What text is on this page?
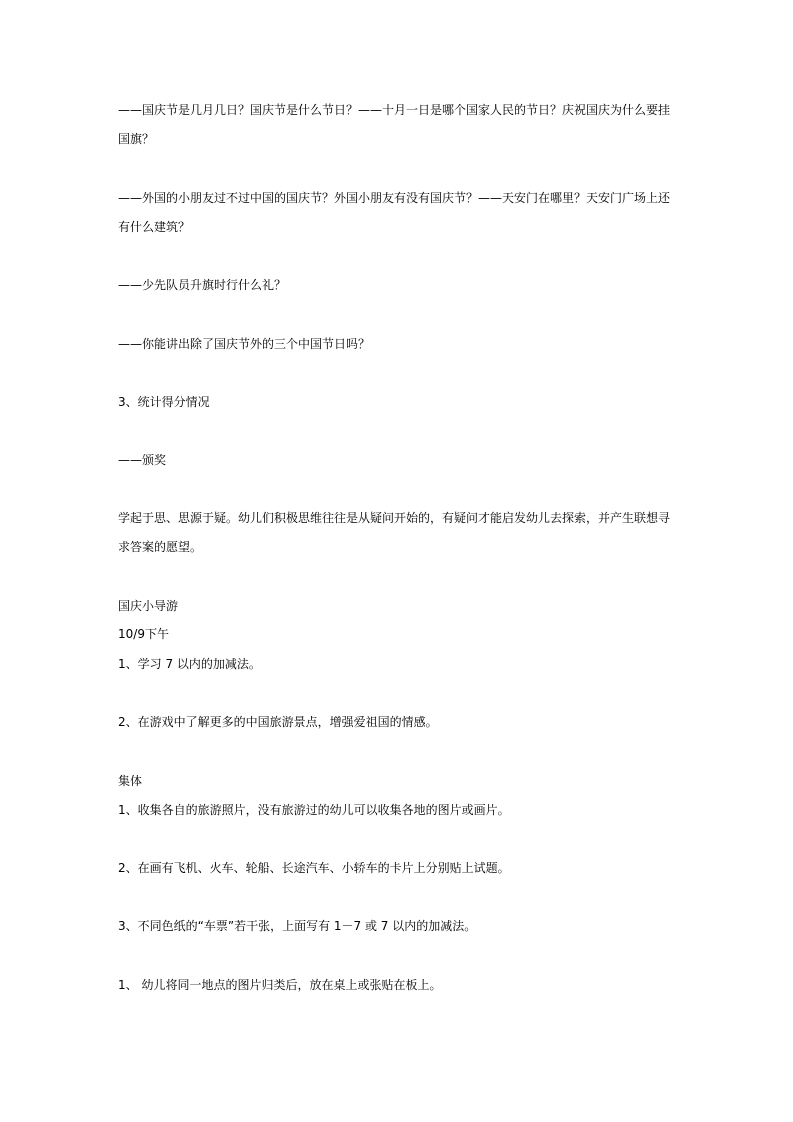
——国庆节是几月几日？国庆节是什么节日？——十月一日是哪个国家人民的节日？庆祝国庆为什么要挂国旗？

——外国的小朋友过不过中国的国庆节？外国小朋友有没有国庆节？——天安门在哪里？天安门广场上还有什么建筑？

——少先队员升旗时行什么礼？

——你能讲出除了国庆节外的三个中国节日吗？

3、统计得分情况

——颁奖

学起于思、思源于疑。幼儿们积极思维往往是从疑问开始的，有疑问才能启发幼儿去探索，并产生联想寻求答案的愿望。

国庆小导游

10/9下午

1、学习 7 以内的加减法。

2、在游戏中了解更多的中国旅游景点，增强爱祖国的情感。

集体

1、收集各自的旅游照片，没有旅游过的幼儿可以收集各地的图片或画片。

2、在画有飞机、火车、轮船、长途汽车、小轿车的卡片上分别贴上试题。

3、不同色纸的“车票”若干张，上面写有 1－7 或 7 以内的加减法。

1、 幼儿将同一地点的图片归类后，放在桌上或张贴在板上。
